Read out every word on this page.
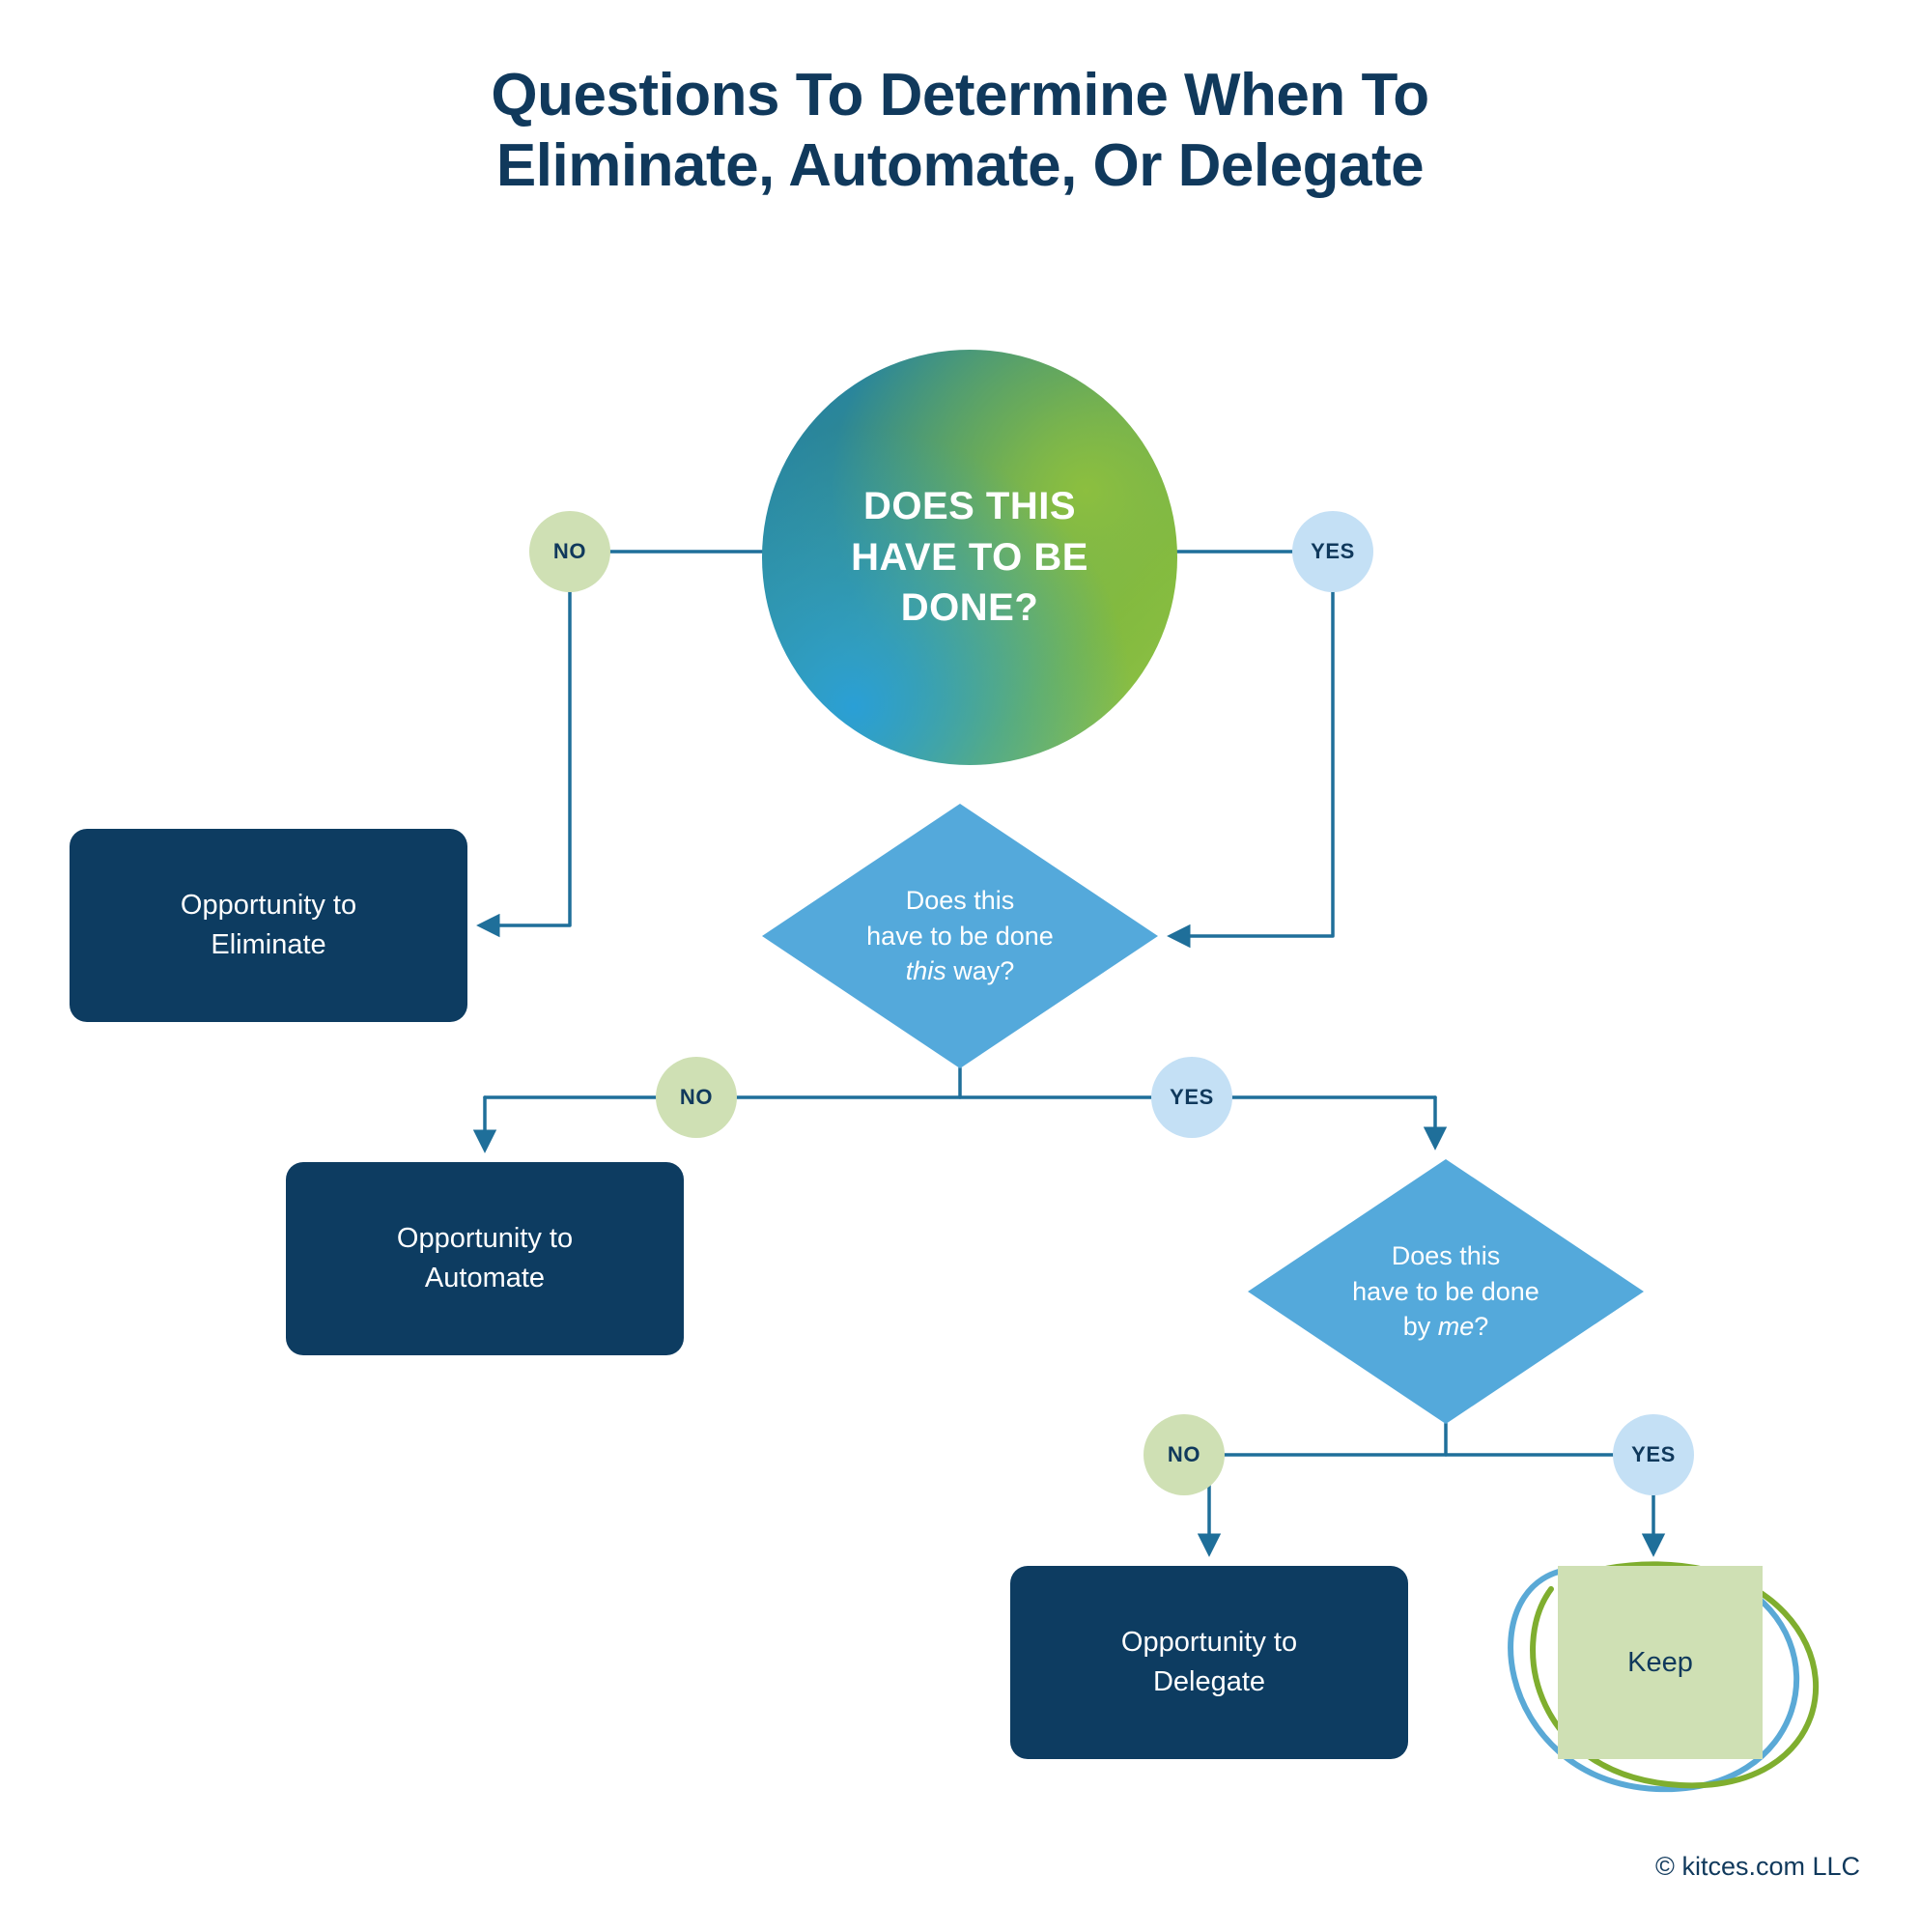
Questions To Determine When To
Eliminate, Automate, Or Delegate
DOES THIS HAVE TO BE DONE?
Does this
have to be done
this way?
Does this
have to be done
by me?
NO	YES
NO	YES
NO	YES
Opportunity to
Eliminate
Opportunity to
Automate
Opportunity to
Delegate
Keep
© kitces.com LLC
